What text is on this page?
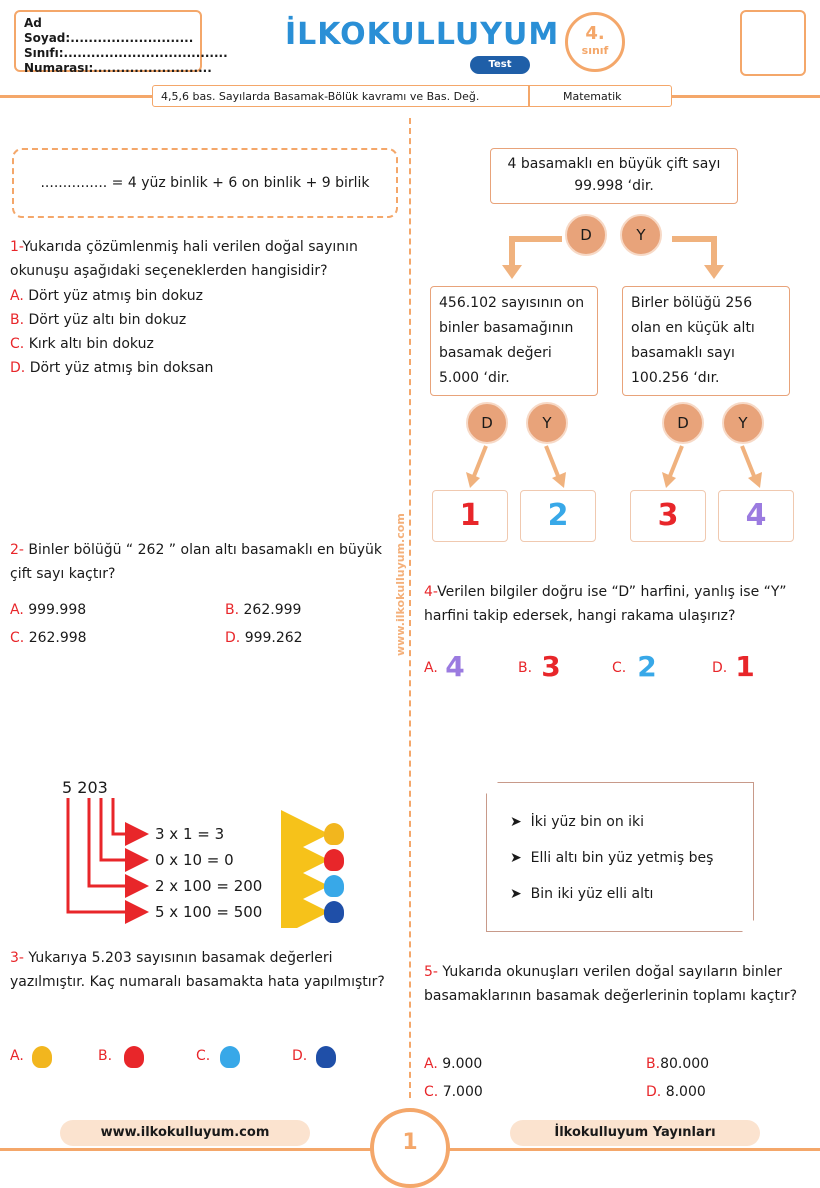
Ad Soyad:...........................
Sınıfı:....................................
Numarası:..........................
İLKOKULLUYUM
Test
4.
sınıf
4,5,6 bas. Sayılarda Basamak-Bölük kavramı ve Bas. Değ.	Matematik
www.ilkokulluyum.com
............... = 4 yüz binlik + 6 on binlik + 9 birlik
1-Yukarıda çözümlenmiş hali verilen doğal sayının okunuşu aşağıdaki seçeneklerden hangisidir?
A. Dört yüz atmış bin dokuz
B. Dört yüz altı bin dokuz
C. Kırk altı bin dokuz
D. Dört yüz atmış bin doksan
2- Binler bölüğü “ 262 ” olan altı basamaklı en büyük çift sayı kaçtır?
A. 999.998	B. 262.999
C. 262.998	D. 999.262
5 203
3 x 1 = 3
0 x 10 = 0
2 x 100 = 200
5 x 100 = 500
3- Yukarıya 5.203 sayısının basamak değerleri yazılmıştır. Kaç numaralı basamakta hata yapılmıştır?
A.	B.	C.	D.
4 basamaklı en büyük çift sayı 99.998 ‘dir.
D	Y
456.102 sayısının on binler basamağının basamak değeri 5.000 ‘dir.
Birler bölüğü 256 olan en küçük altı basamaklı sayı 100.256 ‘dır.
D	Y	D	Y
1	2	3	4
4-Verilen bilgiler doğru ise “D” harfini, yanlış ise “Y” harfini takip edersek, hangi rakama ulaşırız?
A. 4	B. 3	C. 2	D. 1
➤ İki yüz bin on iki
➤ Elli altı bin yüz yetmiş beş
➤ Bin iki yüz elli altı
5- Yukarıda okunuşları verilen doğal sayıların binler basamaklarının basamak değerlerinin toplamı kaçtır?
A. 9.000	B.80.000
C. 7.000	D. 8.000
www.ilkokulluyum.com	İlkokulluyum Yayınları
1
